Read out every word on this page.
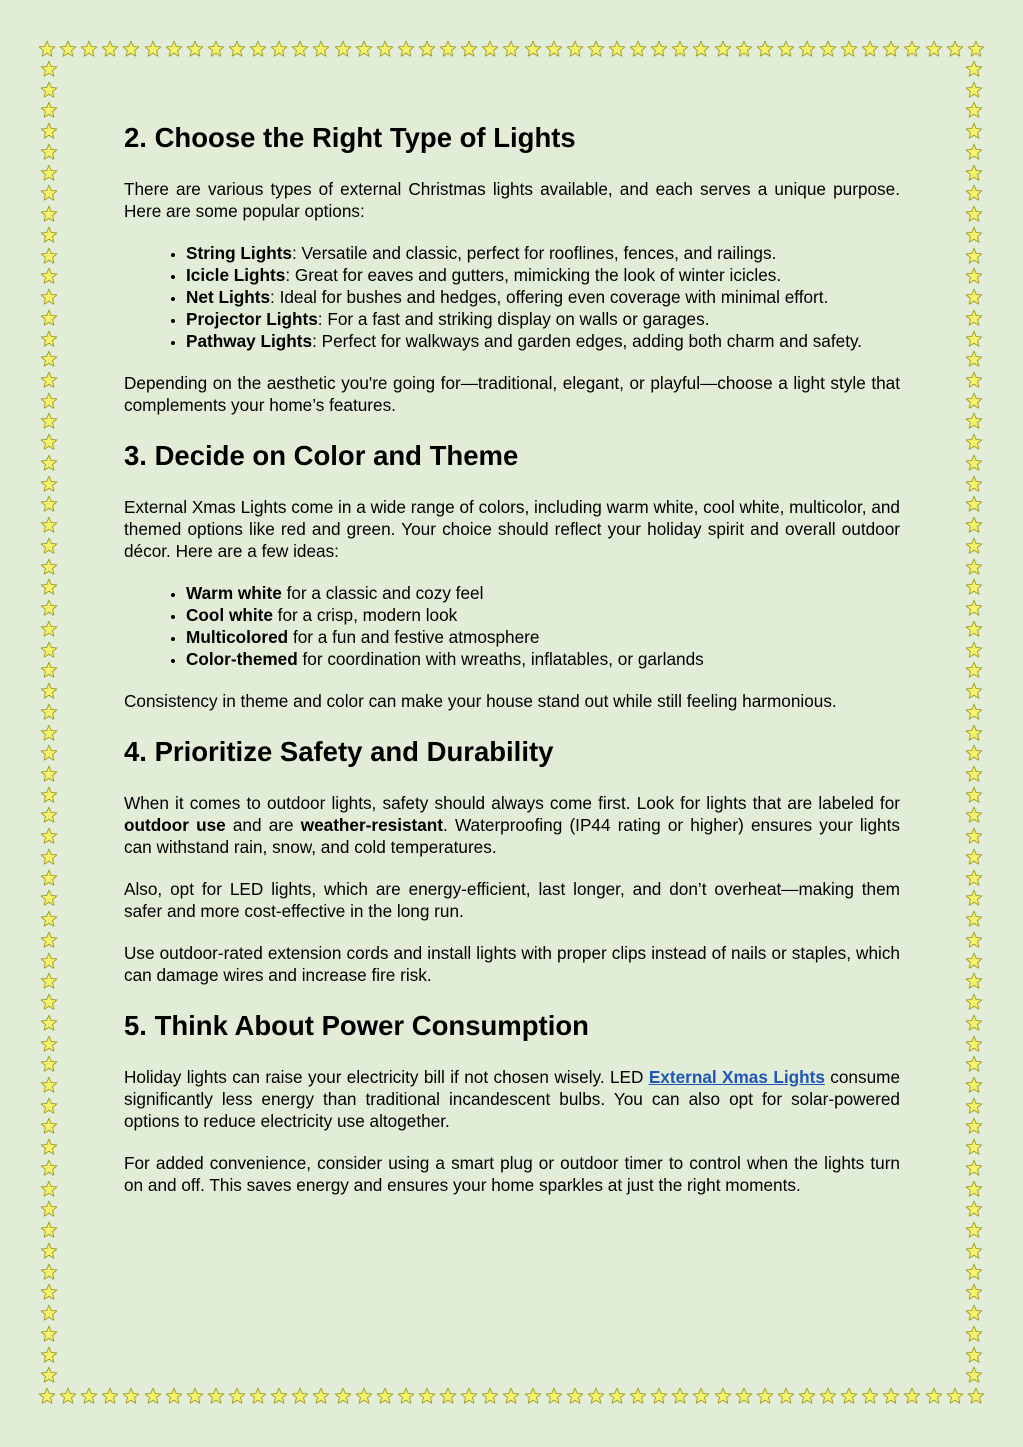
2. Choose the Right Type of Lights

There are various types of external Christmas lights available, and each serves a unique purpose. Here are some popular options:

• String Lights: Versatile and classic, perfect for rooflines, fences, and railings.
• Icicle Lights: Great for eaves and gutters, mimicking the look of winter icicles.
• Net Lights: Ideal for bushes and hedges, offering even coverage with minimal effort.
• Projector Lights: For a fast and striking display on walls or garages.
• Pathway Lights: Perfect for walkways and garden edges, adding both charm and safety.

Depending on the aesthetic you're going for—traditional, elegant, or playful—choose a light style that complements your home’s features.

3. Decide on Color and Theme

External Xmas Lights come in a wide range of colors, including warm white, cool white, multicolor, and themed options like red and green. Your choice should reflect your holiday spirit and overall outdoor décor. Here are a few ideas:

• Warm white for a classic and cozy feel
• Cool white for a crisp, modern look
• Multicolored for a fun and festive atmosphere
• Color-themed for coordination with wreaths, inflatables, or garlands

Consistency in theme and color can make your house stand out while still feeling harmonious.

4. Prioritize Safety and Durability

When it comes to outdoor lights, safety should always come first. Look for lights that are labeled for outdoor use and are weather-resistant. Waterproofing (IP44 rating or higher) ensures your lights can withstand rain, snow, and cold temperatures.

Also, opt for LED lights, which are energy-efficient, last longer, and don’t overheat—making them safer and more cost-effective in the long run.

Use outdoor-rated extension cords and install lights with proper clips instead of nails or staples, which can damage wires and increase fire risk.

5. Think About Power Consumption

Holiday lights can raise your electricity bill if not chosen wisely. LED External Xmas Lights consume significantly less energy than traditional incandescent bulbs. You can also opt for solar-powered options to reduce electricity use altogether.

For added convenience, consider using a smart plug or outdoor timer to control when the lights turn on and off. This saves energy and ensures your home sparkles at just the right moments.
